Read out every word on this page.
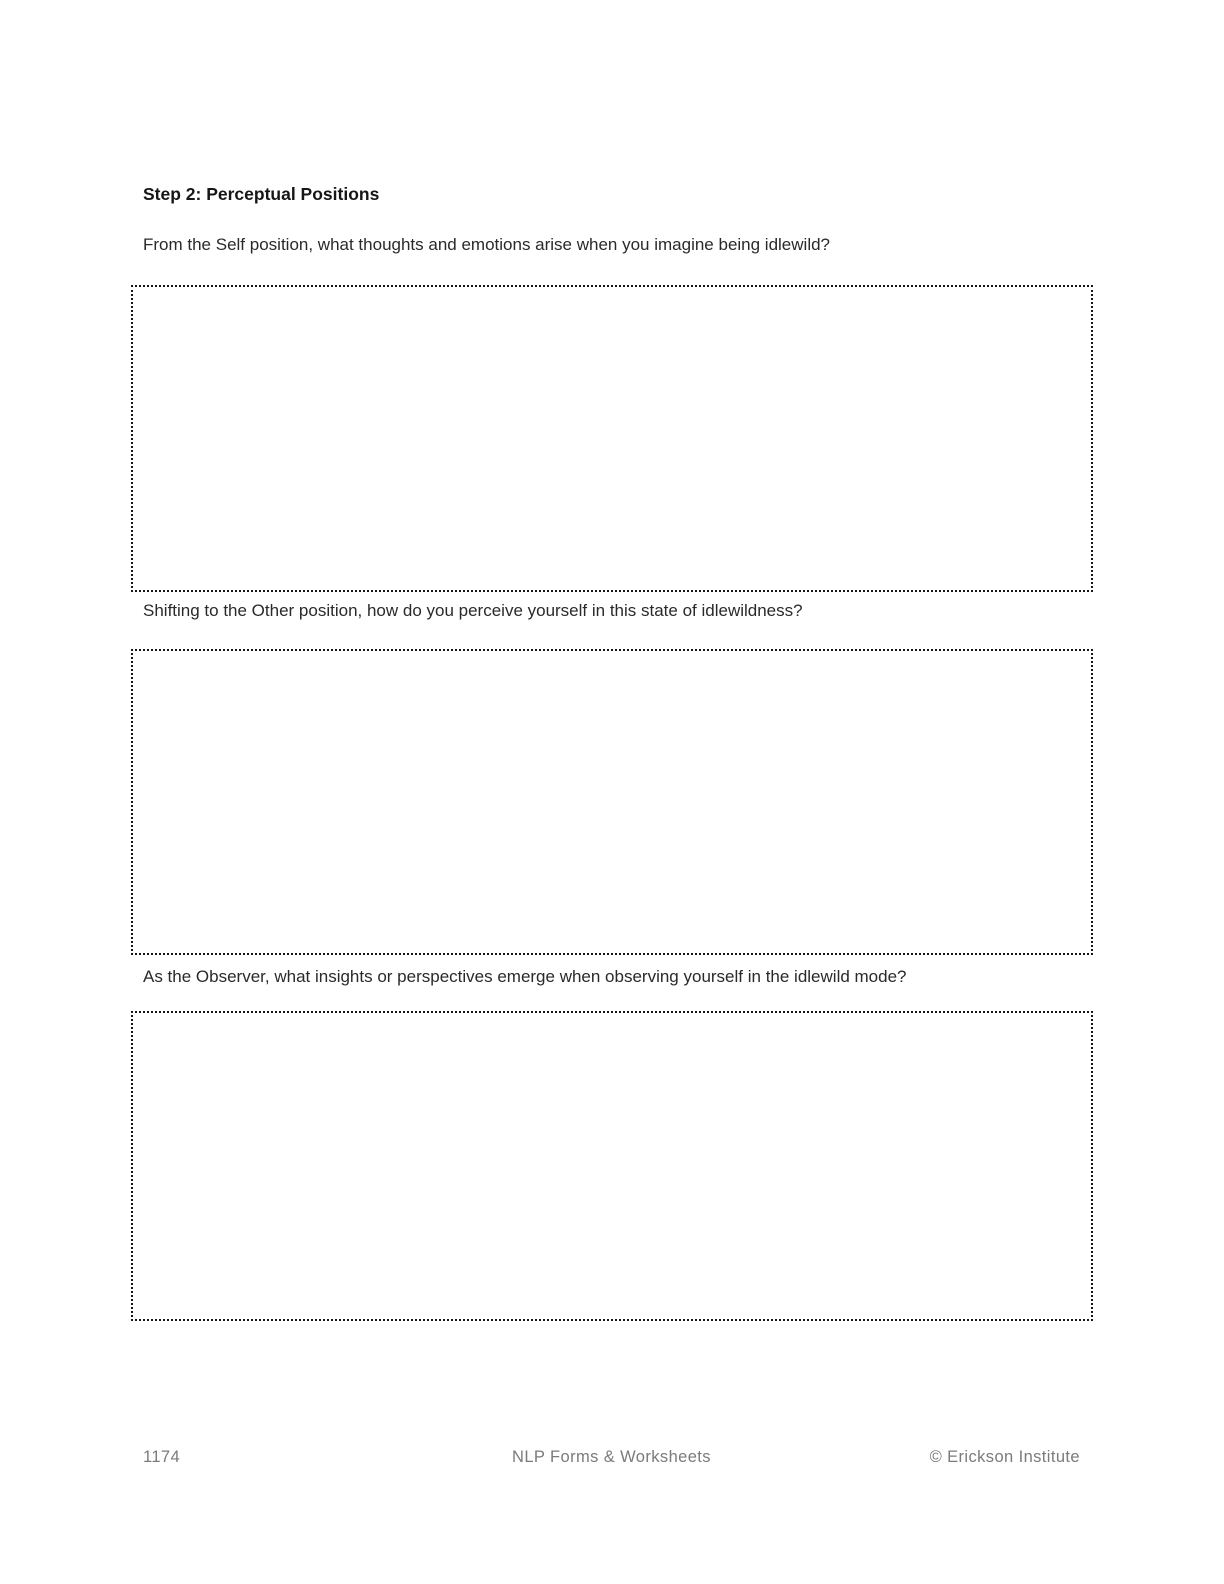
Step 2: Perceptual Positions

From the Self position, what thoughts and emotions arise when you imagine being idlewild?

Shifting to the Other position, how do you perceive yourself in this state of idlewildness?

As the Observer, what insights or perspectives emerge when observing yourself in the idlewild mode?

1174	NLP Forms & Worksheets	© Erickson Institute
